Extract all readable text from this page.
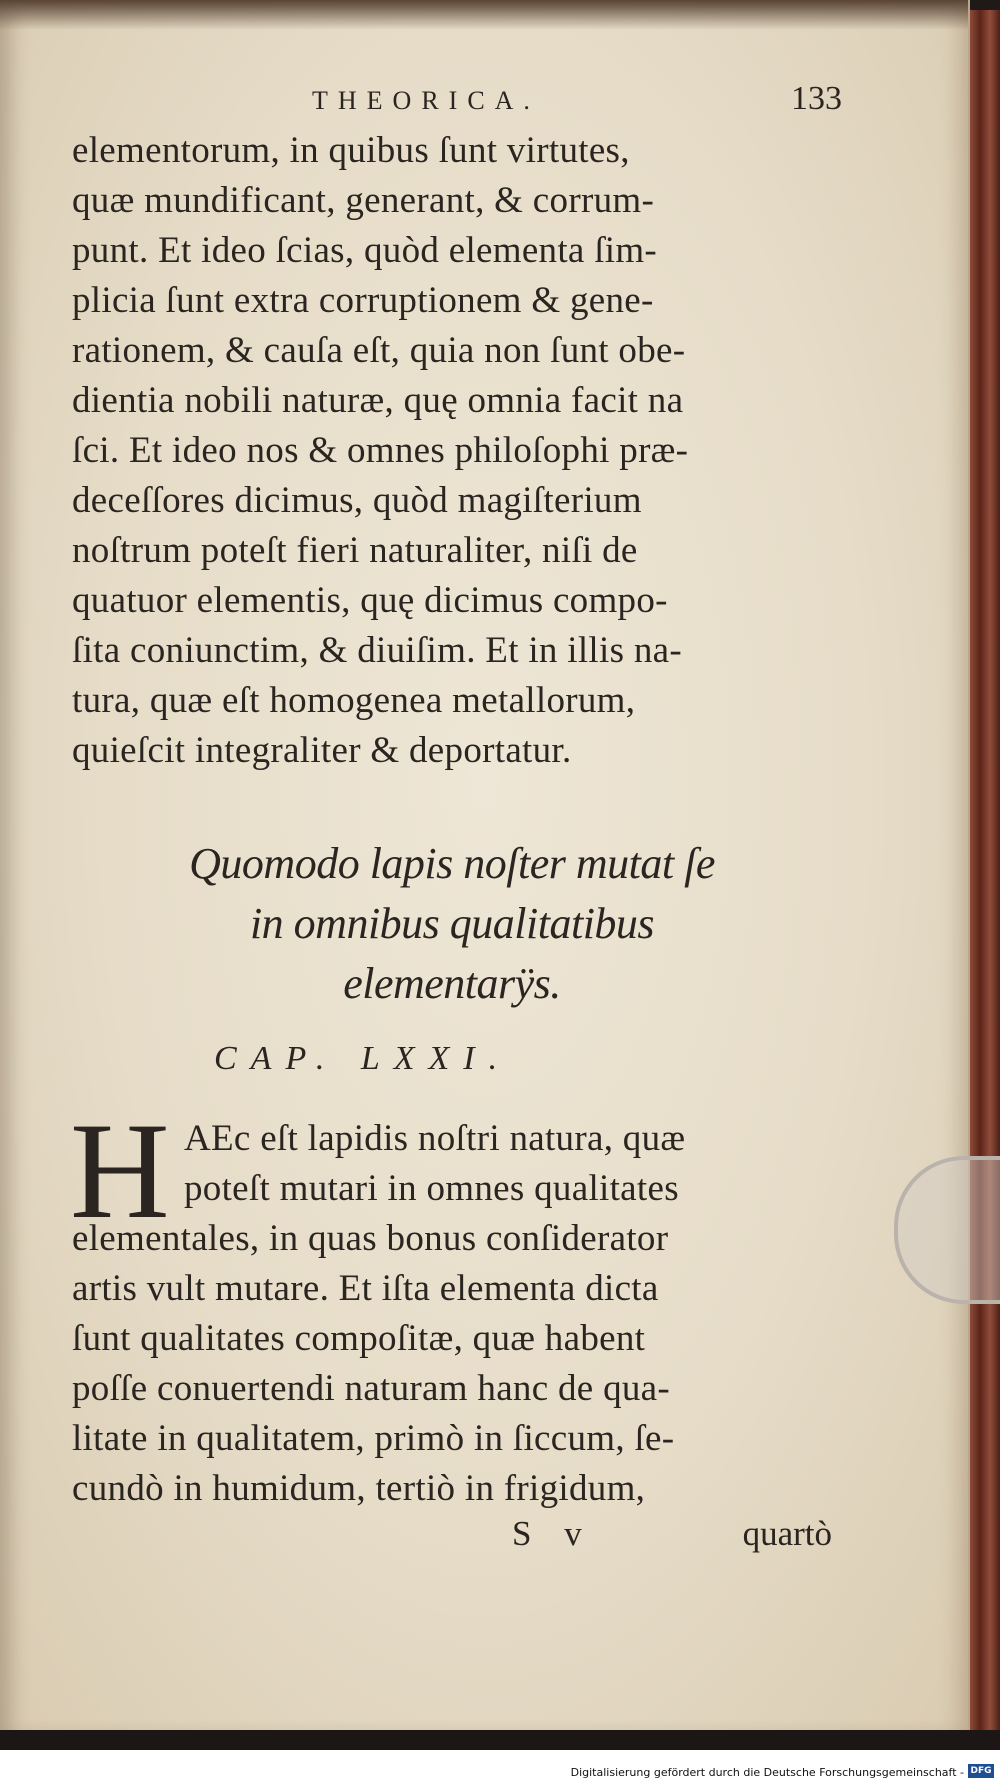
THEORICA.	133
elementorum, in quibus ſunt virtutes,
quæ mundificant, generant, & corrum-
punt. Et ideo ſcias, quòd elementa ſim-
plicia ſunt extra corruptionem & gene-
rationem, & cauſa eſt, quia non ſunt obe-
dientia nobili naturæ, quę omnia facit na
ſci. Et ideo nos & omnes philoſophi præ-
deceſſores dicimus, quòd magiſterium
noſtrum poteſt fieri naturaliter, niſi de
quatuor elementis, quę dicimus compo-
ſita coniunctim, & diuiſim. Et in illis na-
tura, quæ eſt homogenea metallorum,
quieſcit integraliter & deportatur.
Quomodo lapis noſter mutat ſe
in omnibus qualitatibus
elementarÿs.
CAP. LXXI.
H AEc eſt lapidis noſtri natura, quæ
poteſt mutari in omnes qualitates
elementales, in quas bonus conſiderator
artis vult mutare. Et iſta elementa dicta
ſunt qualitates compoſitæ, quæ habent
poſſe conuertendi naturam hanc de qua-
litate in qualitatem, primò in ſiccum, ſe-
cundò in humidum, tertiò in frigidum,
S v	quartò
Digitalisierung gefördert durch die Deutsche Forschungsgemeinschaft - DFG
